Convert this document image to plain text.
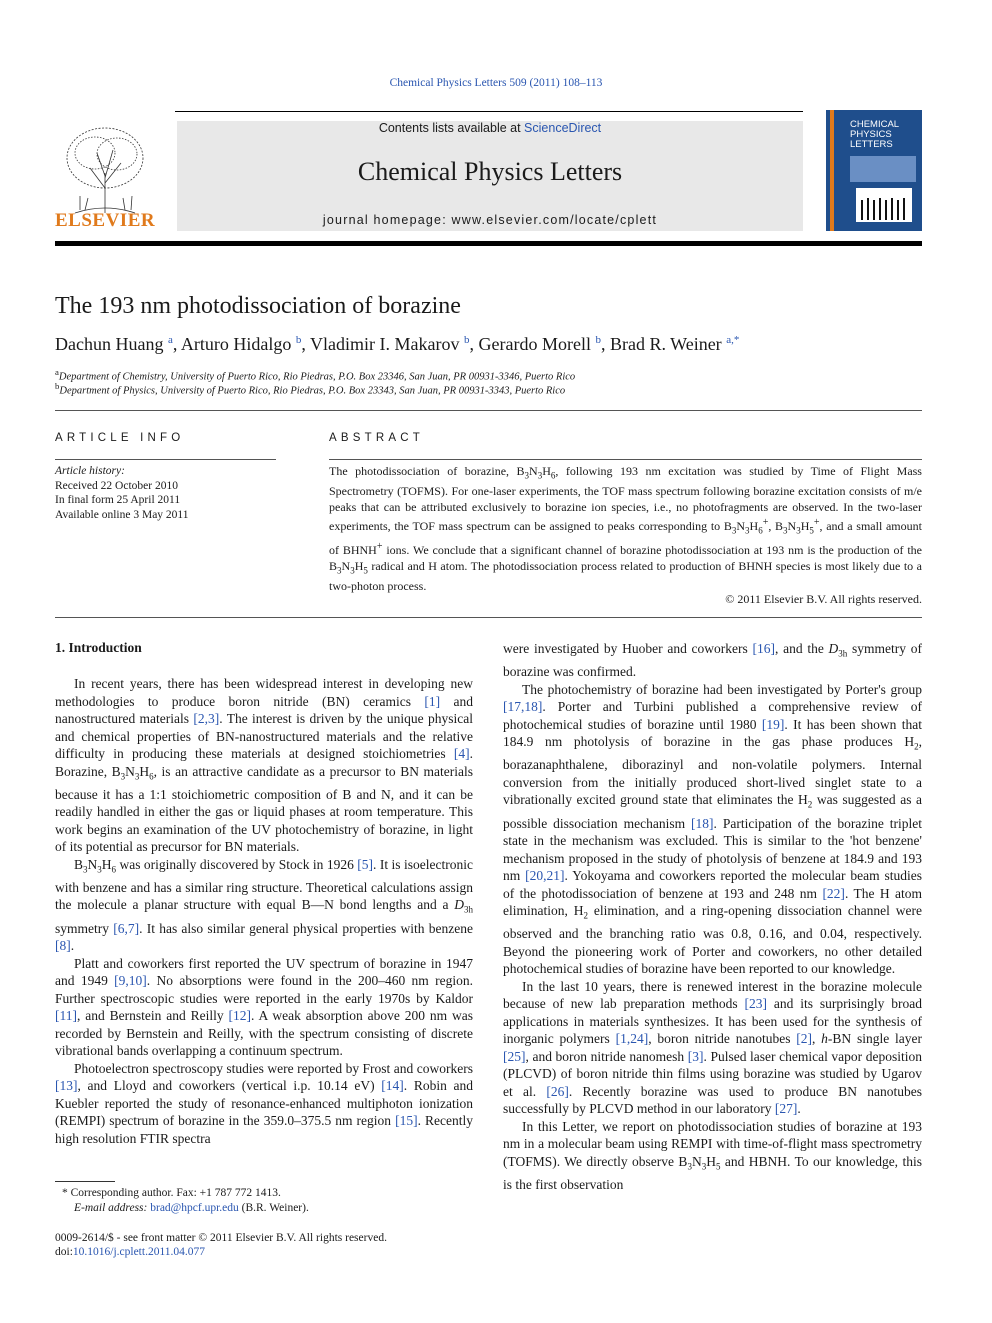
Chemical Physics Letters 509 (2011) 108–113
ELSEVIER
Contents lists available at ScienceDirect
Chemical Physics Letters
journal homepage: www.elsevier.com/locate/cplett
CHEMICAL
PHYSICS
LETTERS
The 193 nm photodissociation of borazine
Dachun Huang $^a$, Arturo Hidalgo $^b$, Vladimir I. Makarov $^b$, Gerardo Morell $^b$, Brad R. Weiner $^{a,*}$
$^a$Department of Chemistry, University of Puerto Rico, Rio Piedras, P.O. Box 23346, San Juan, PR 00931-3346, Puerto Rico
$^b$Department of Physics, University of Puerto Rico, Rio Piedras, P.O. Box 23343, San Juan, PR 00931-3343, Puerto Rico
ARTICLE INFO
Article history:
Received 22 October 2010
In final form 25 April 2011
Available online 3 May 2011
ABSTRACT
The photodissociation of borazine, $B_3N_3H_6$, following 193 nm excitation was studied by Time of Flight Mass Spectrometry (TOFMS). For one-laser experiments, the TOF mass spectrum following borazine excitation consists of m/e peaks that can be attributed exclusively to borazine ion species, i.e., no photofragments are observed. In the two-laser experiments, the TOF mass spectrum can be assigned to peaks corresponding to $B_3N_3H_6^+$, $B_3N_3H_5^+$, and a small amount of BHNH+ ions. We conclude that a significant channel of borazine photodissociation at 193 nm is the production of the $B_3N_3H_5$ radical and H atom. The photodissociation process related to production of BHNH species is most likely due to a two-photon process.
© 2011 Elsevier B.V. All rights reserved.
1. Introduction

In recent years, there has been widespread interest in developing new methodologies to produce boron nitride (BN) ceramics [1] and nanostructured materials [2,3]. The interest is driven by the unique physical and chemical properties of BN-nanostructured materials and the relative difficulty in producing these materials at designed stoichiometries [4]. Borazine, $B_3N_3H_6$, is an attractive candidate as a precursor to BN materials because it has a 1:1 stoichiometric composition of B and N, and it can be readily handled in either the gas or liquid phases at room temperature. This work begins an examination of the UV photochemistry of borazine, in light of its potential as precursor for BN materials.

$B_3N_3H_6$ was originally discovered by Stock in 1926 [5]. It is isoelectronic with benzene and has a similar ring structure. Theoretical calculations assign the molecule a planar structure with equal B—N bond lengths and a $D_{3h}$ symmetry [6,7]. It has also similar general physical properties with benzene [8].

Platt and coworkers first reported the UV spectrum of borazine in 1947 and 1949 [9,10]. No absorptions were found in the 200–460 nm region. Further spectroscopic studies were reported in the early 1970s by Kaldor [11], and Bernstein and Reilly [12]. A weak absorption above 200 nm was recorded by Bernstein and Reilly, with the spectrum consisting of discrete vibrational bands overlapping a continuum spectrum.

Photoelectron spectroscopy studies were reported by Frost and coworkers [13], and Lloyd and coworkers (vertical i.p. 10.14 eV) [14]. Robin and Kuebler reported the study of resonance-enhanced multiphoton ionization (REMPI) spectrum of borazine in the 359.0–375.5 nm region [15]. Recently high resolution FTIR spectra

were investigated by Huober and coworkers [16], and the $D_{3h}$ symmetry of borazine was confirmed.

The photochemistry of borazine had been investigated by Porter's group [17,18]. Porter and Turbini published a comprehensive review of photochemical studies of borazine until 1980 [19]. It has been shown that 184.9 nm photolysis of borazine in the gas phase produces $H_2$, borazanaphthalene, diborazinyl and non-volatile polymers. Internal conversion from the initially produced short-lived singlet state to a vibrationally excited ground state that eliminates the $H_2$ was suggested as a possible dissociation mechanism [18]. Participation of the borazine triplet state in the mechanism was excluded. This is similar to the 'hot benzene' mechanism proposed in the study of photolysis of benzene at 184.9 and 193 nm [20,21]. Yokoyama and coworkers reported the molecular beam studies of the photodissociation of benzene at 193 and 248 nm [22]. The H atom elimination, $H_2$ elimination, and a ring-opening dissociation channel were observed and the branching ratio was 0.8, 0.16, and 0.04, respectively. Beyond the pioneering work of Porter and coworkers, no other detailed photochemical studies of borazine have been reported to our knowledge.

In the last 10 years, there is renewed interest in the borazine molecule because of new lab preparation methods [23] and its surprisingly broad applications in materials synthesizes. It has been used for the synthesis of inorganic polymers [1,24], boron nitride nanotubes [2], h-BN single layer [25], and boron nitride nanomesh [3]. Pulsed laser chemical vapor deposition (PLCVD) of boron nitride thin films using borazine was studied by Ugarov et al. [26]. Recently borazine was used to produce BN nanotubes successfully by PLCVD method in our laboratory [27].

In this Letter, we report on photodissociation studies of borazine at 193 nm in a molecular beam using REMPI with time-of-flight mass spectrometry (TOFMS). We directly observe $B_3N_3H_5$ and HBNH. To our knowledge, this is the first observation

* Corresponding author. Fax: +1 787 772 1413.
E-mail address: brad@hpcf.upr.edu (B.R. Weiner).
0009-2614/$ - see front matter © 2011 Elsevier B.V. All rights reserved.
doi:10.1016/j.cplett.2011.04.077
